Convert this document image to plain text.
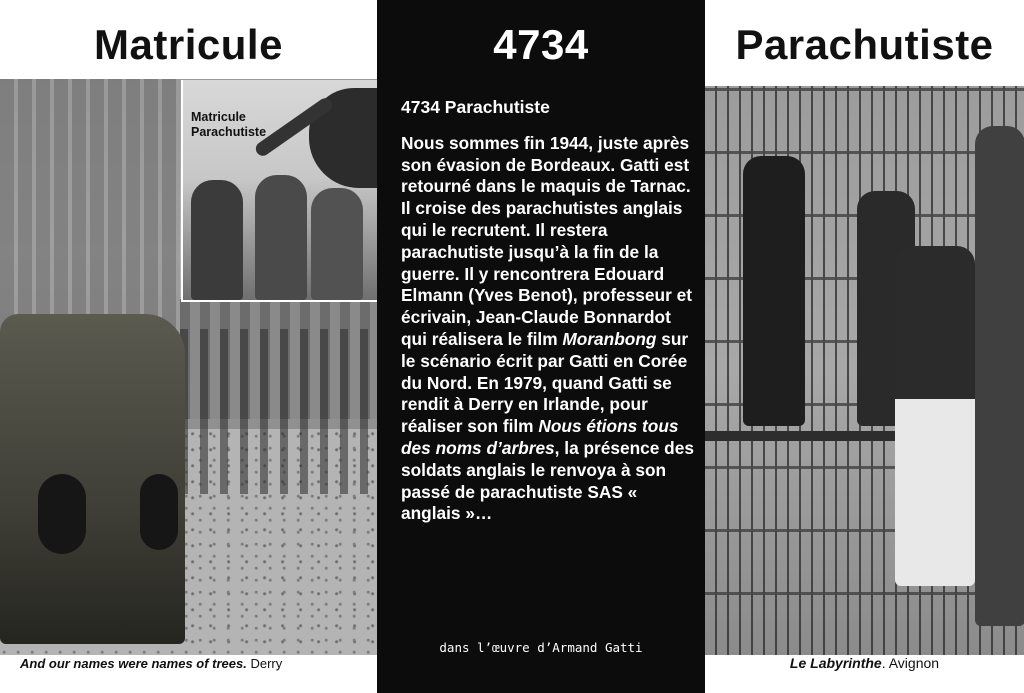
Matricule
Matricule
Parachutiste
And our names were names of trees. Derry
4734

4734 Parachutiste

Nous sommes fin 1944, juste après son évasion de Bordeaux. Gatti est retourné dans le maquis de Tarnac. Il croise des parachutistes anglais qui le recrutent. Il restera parachutiste jusqu’à la fin de la guerre. Il y rencontrera Edouard Elmann (Yves Benot), professeur et écrivain, Jean-Claude Bonnardot qui réalisera le film Moranbong sur le scénario écrit par Gatti en Corée du Nord. En 1979, quand Gatti se rendit à Derry en Irlande, pour réaliser son film Nous étions tous des noms d’arbres, la présence des soldats anglais le renvoya à son passé de parachutiste SAS « anglais »…

dans l’œuvre d’Armand Gatti
Parachutiste
Le Labyrinthe. Avignon
